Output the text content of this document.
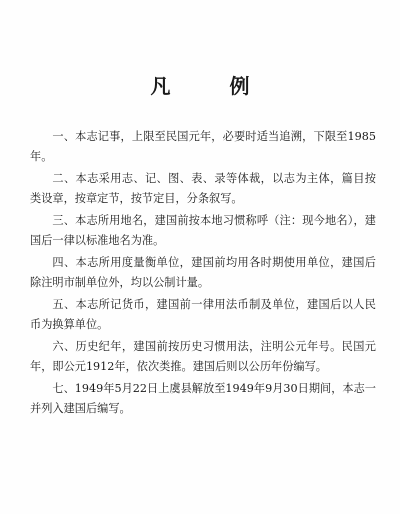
凡 例

一、本志记事，上限至民国元年，必要时适当追溯，下限至1985年。

二、本志采用志、记、图、表、录等体裁，以志为主体，篇目按类设章，按章定节，按节定目，分条叙写。

三、本志所用地名，建国前按本地习惯称呼（注：现今地名），建国后一律以标准地名为准。

四、本志所用度量衡单位，建国前均用各时期使用单位，建国后除注明市制单位外，均以公制计量。

五、本志所记货币，建国前一律用法币制及单位，建国后以人民币为换算单位。

六、历史纪年，建国前按历史习惯用法，注明公元年号。民国元年，即公元1912年，依次类推。建国后则以公历年份编写。

七、1949年5月22日上虞县解放至1949年9月30日期间，本志一并列入建国后编写。
